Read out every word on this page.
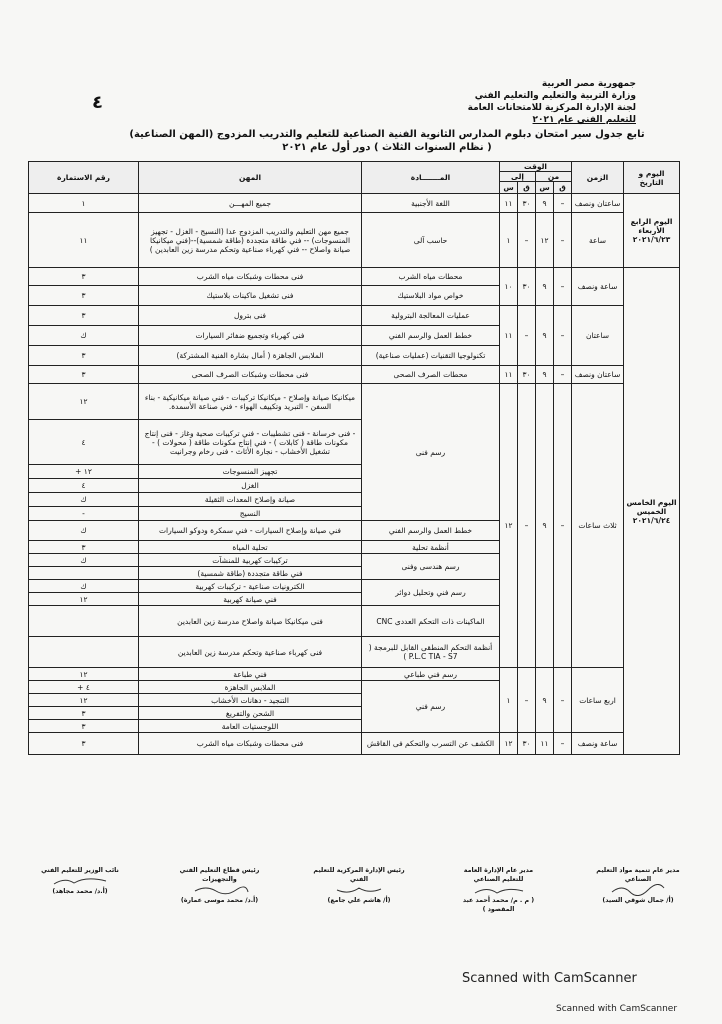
٤
جمهورية مصر العربية
وزارة التربية والتعليم والتعليم الفني
لجنة الإدارة المركزية للامتحانات العامة
للتعليم الفني عام ٢٠٢١
تابع جدول سير امتحان دبلوم المدارس الثانوية الفنية الصناعية للتعليم والتدريب المزدوج (المهن الصناعية)
( نظام السنوات الثلاث ) دور أول عام ٢٠٢١
اليوم و التاريخ	الزمن	الوقت				المـــــــادة	المهن	رقم الاستمارة
		من		إلى				
		ق	س	ق	س			
اليوم الرابع الأربعاء ٢٠٢١/٦/٢٣	ساعتان ونصف	–	٩	٣٠	١١	اللغة الأجنبية	جميع المهـــن	١
	ساعة	–	١٢	–	١	حاسب آلى	جميع مهن التعليم والتدريب المزدوج عدا (النسيج - الغزل - تجهيز المنسوجات) -- فني طاقة متجددة (طاقة شمسية)--(فني ميكانيكا صيانة واصلاح -- فني كهرباء صناعية وتحكم مدرسة زين العابدين )	١١
اليوم الخامس الخميس ٢٠٢١/٦/٢٤	ساعة ونصف	–	٩	٣٠	١٠	محطات مياه الشرب	فنى محطات وشبكات مياه الشرب	٣
						خواص مواد البلاستيك	فنى تشغيل ماكينات بلاستيك	٣
	ساعتان	–	٩	–	١١	عمليات المعالجة البترولية	فنى بترول	٣
						خطط العمل والرسم الفني	فنى كهرباء وتجميع ضفائر السيارات	ك
						تكنولوجيا التقنيات (عمليات صناعية)	الملابس الجاهزة ( أمال بشارة الفنية المشتركة)	٣
	ساعتان ونصف	–	٩	٣٠	١١	محطات الصرف الصحى	فنى محطات وشبكات الصرف الصحى	٣
	ثلاث ساعات	–	٩	–	١٢	رسم فنى	ميكانيكا صيانة وإصلاح - ميكانيكا تركيبات - فني صيانة ميكانيكية - بناء السفن - التبريد وتكييف الهواء - فني صناعة الأسمدة.	١٢
							- فنى خرسانة - فنى تشطيبات - فني تركيبات صحية وغاز - فنى إنتاج مكونات طاقة ( كابلات ) - فني إنتاج مكونات طاقة ( محولات ) - تشغيل الأخشاب - نجارة الأثاث - فنى رخام وجرانيت	٤
							تجهيز المنسوجات	١٢ +
							الغزل	٤
							صيانة وإصلاح المعدات الثقيلة	ك
							النسيج	-
						خطط العمل والرسم الفني	فني صيانة وإصلاح السيارات - فني سمكرة ودوكو السيارات	ك
						أنظمة تحلية	تحلية المياة	٣
						رسم هندسى وفنى	تركيبات كهربية للمنشآت	ك
							فني طاقة متجددة (طاقة شمسية)	
						رسم فني وتحليل دوائر	الكترونيات صناعية - تركيبات كهربية	ك
							فني صيانة كهربية	١٢
						الماكينات ذات التحكم العددى CNC	فنى ميكانيكا صيانة واصلاح مدرسة زين العابدين	
						أنظمة التحكم المنطقى القابل للبرمجة ( P.L.C TIA - S7 )	فنى كهرباء صناعية وتحكم مدرسة زين العابدين	
	اربع ساعات	–	٩	–	١	رسم فني طباعي	فني طباعة	١٢
						رسم فني	الملابس الجاهزة	٤ +
							التنجيد - دهانات الأخشاب	١٢
							الشحن والتفريغ	٣
							اللوجستيات العامة	٣
	ساعة ونصف	–	١١	٣٠	١٢	الكشف عن التسرب والتحكم فى القاقش	فنى محطات وشبكات مياه الشرب	٣
مدير عام تنمية مواد التعليم الصناعي
(أ/ جمال شوقي السيد)
مدير عام الإدارة العامة للتعليم الصناعي
( م . م/ محمد أحمد عبد المقصود )
رئيس الإدارة المركزية للتعليم الفني
(أ/ هاشم علي جامع)
رئيس قطاع التعليم الفني والتجهيزات
(أ.د/ محمد موسى عمارة)
نائب الوزير للتعليم الفني
(أ.د/ محمد مجاهد)
Scanned with CamScanner
Scanned with CamScanner
